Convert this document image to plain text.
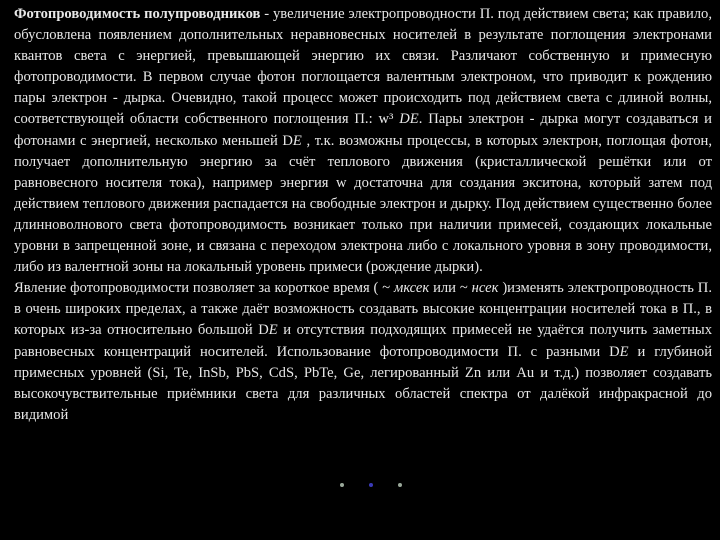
Фотопроводимость полупроводников - увеличение электропроводности П. под действием света; как правило, обусловлена появлением дополнительных неравновесных носителей в результате поглощения электронами квантов света с энергией, превышающей энергию их связи. Различают собственную и примесную фотопроводимости. В первом случае фотон поглощается валентным электроном, что приводит к рождению пары электрон - дырка. Очевидно, такой процесс может происходить под действием света с длиной волны, соответствующей области собственного поглощения П.: w³ DE. Пары электрон - дырка могут создаваться и фотонами с энергией, несколько меньшей DE , т.к. возможны процессы, в которых электрон, поглощая фотон, получает дополнительную энергию за счёт теплового движения (кристаллической решётки или от равновесного носителя тока), например энергия w достаточна для создания экситона, который затем под действием теплового движения распадается на свободные электрон и дырку. Под действием существенно более длинноволнового света фотопроводимость возникает только при наличии примесей, создающих локальные уровни в запрещенной зоне, и связана с переходом электрона либо с локального уровня в зону проводимости, либо из валентной зоны на локальный уровень примеси (рождение дырки).

Явление фотопроводимости позволяет за короткое время ( ~ мксек или ~ нсек )изменять электропроводность П. в очень широких пределах, а также даёт возможность создавать высокие концентрации носителей тока в П., в которых из-за относительно большой DE и отсутствия подходящих примесей не удаётся получить заметных равновесных концентраций носителей. Использование фотопроводимости П. с разными DE и глубиной примесных уровней (Si, Te, InSb, PbS, CdS, PbTe, Ge, легированный Zn или Au и т.д.) позволяет создавать высокочувствительные приёмники света для различных областей спектра от далёкой инфракрасной до видимой
